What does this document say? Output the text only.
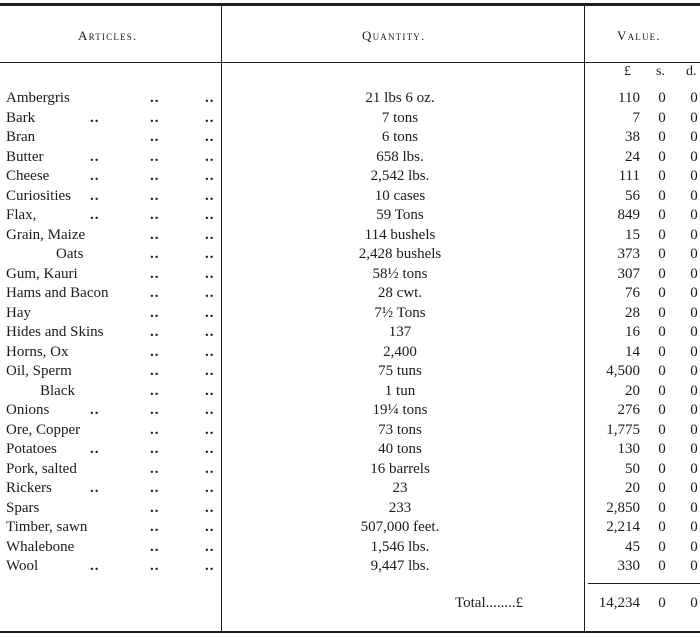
Articles.	Quantity.	Value.
£ s. d.
Ambergris	..	..	21 lbs 6 oz.	110	0	0
Bark	..	..	..	7 tons	7	0	0
Bran	..	..	6 tons	38	0	0
Butter	..	..	..	658 lbs.	24	0	0
Cheese	..	..	..	2,542 lbs.	111	0	0
Curiosities ..	..	..	10 cases	56	0	0
Flax,	..	..	..	59 Tons	849	0	0
Grain, Maize	..	..	114 bushels	15	0	0
Oats	..	..	2,428 bushels	373	0	0
Gum, Kauri	..	..	58½ tons	307	0	0
Hams and Bacon	..	..	28 cwt.	76	0	0
Hay	..	..	7½ Tons	28	0	0
Hides and Skins	..	..	137	16	0	0
Horns, Ox	..	..	2,400	14	0	0
Oil, Sperm	..	..	75 tuns	4,500	0	0
Black	..	..	1 tun	20	0	0
Onions	..	..	..	19¼ tons	276	0	0
Ore, Copper	..	..	73 tons	1,775	0	0
Potatoes ..	..	..	40 tons	130	0	0
Pork, salted	..	..	16 barrels	50	0	0
Rickers	..	..	..	23	20	0	0
Spars	..	..	233	2,850	0	0
Timber, sawn	..	..	507,000 feet.	2,214	0	0
Whalebone	..	..	1,546 lbs.	45	0	0
Wool	..	..	..	9,447 lbs.	330	0	0
Total........£	14,234	0	0
